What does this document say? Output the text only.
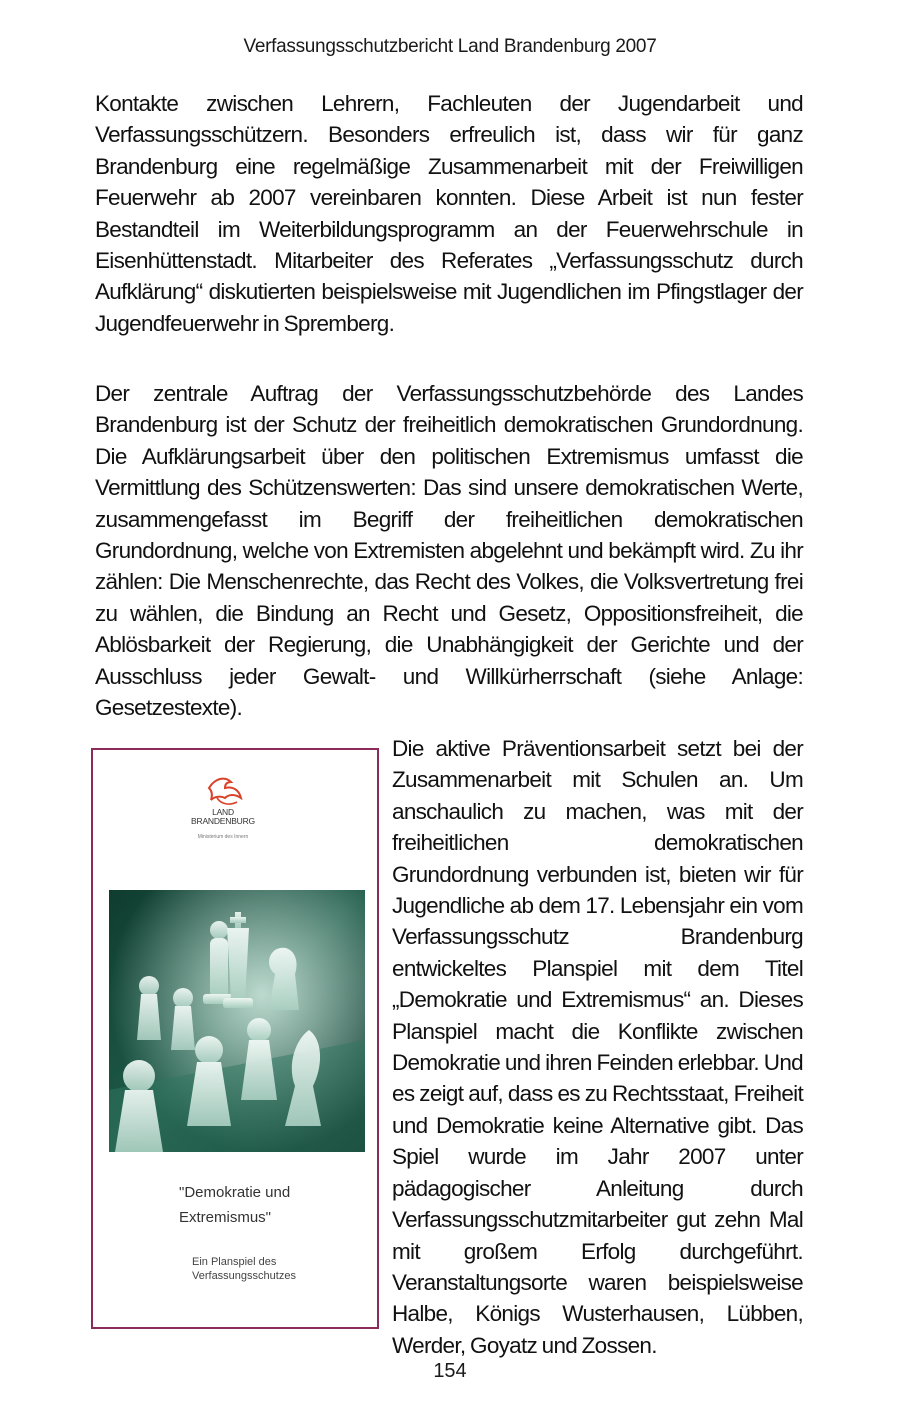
Verfassungsschutzbericht Land Brandenburg 2007

Kontakte zwischen Lehrern, Fachleuten der Jugendarbeit und Verfassungsschützern. Besonders erfreulich ist, dass wir für ganz Brandenburg eine regelmäßige Zusammenarbeit mit der Freiwilligen Feuerwehr ab 2007 vereinbaren konnten. Diese Arbeit ist nun fester Bestandteil im Weiterbildungsprogramm an der Feuerwehrschule in Eisenhüttenstadt. Mitarbeiter des Referates „Verfassungsschutz durch Aufklärung“ diskutierten beispielsweise mit Jugendlichen im Pfingstlager der Jugendfeuerwehr in Spremberg.

Der zentrale Auftrag der Verfassungsschutzbehörde des Landes Brandenburg ist der Schutz der freiheitlich demokratischen Grundordnung. Die Aufklärungsarbeit über den politischen Extremismus umfasst die Vermittlung des Schützenswerten: Das sind unsere demokratischen Werte, zusammengefasst im Begriff der freiheitlichen demokratischen Grundordnung, welche von Extremisten abgelehnt und bekämpft wird. Zu ihr zählen: Die Menschenrechte, das Recht des Volkes, die Volksvertretung frei zu wählen, die Bindung an Recht und Gesetz, Oppositionsfreiheit, die Ablösbarkeit der Regierung, die Unabhängigkeit der Gerichte und der Ausschluss jeder Gewalt- und Willkürherrschaft (siehe Anlage: Gesetzestexte).

LAND
BRANDENBURG
Ministerium des Innern
"Demokratie und
Extremismus"
Ein Planspiel des
Verfassungsschutzes

Die aktive Präventionsarbeit setzt bei der Zusammenarbeit mit Schulen an. Um anschaulich zu machen, was mit der freiheitlichen demokratischen Grundordnung verbunden ist, bieten wir für Jugendliche ab dem 17. Lebensjahr ein vom Verfassungsschutz Brandenburg entwickeltes Planspiel mit dem Titel „Demokratie und Extremismus“ an. Dieses Planspiel macht die Konflikte zwischen Demokratie und ihren Feinden erlebbar. Und es zeigt auf, dass es zu Rechtsstaat, Freiheit und Demokratie keine Alternative gibt. Das Spiel wurde im Jahr 2007 unter pädagogischer Anleitung durch Verfassungsschutzmitarbeiter gut zehn Mal mit großem Erfolg durchgeführt. Veranstaltungsorte waren beispielsweise Halbe, Königs Wusterhausen, Lübben, Werder, Goyatz und Zossen.

154
